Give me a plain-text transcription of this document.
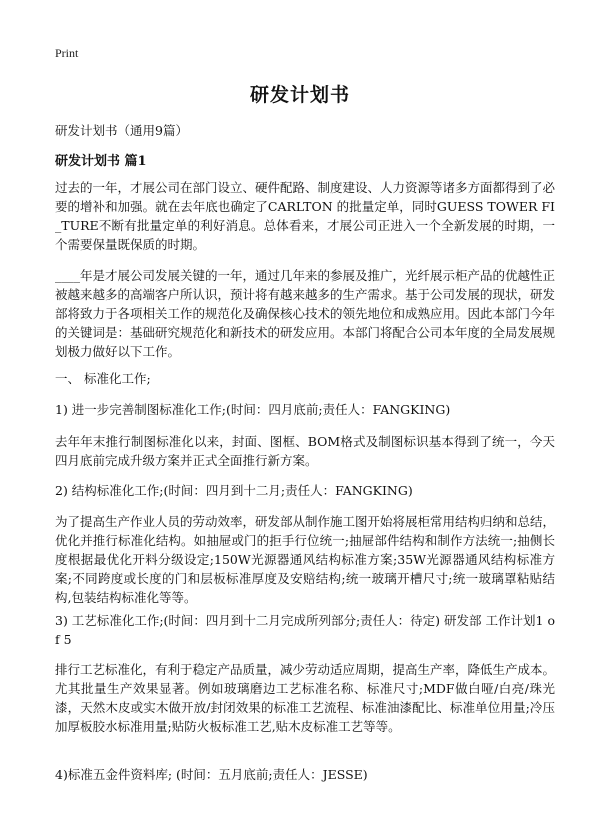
Print
研发计划书

研发计划书（通用9篇）

研发计划书 篇1

过去的一年，才展公司在部门设立、硬件配路、制度建设、人力资源等诸多方面都得到了必要的增补和加强。就在去年底也确定了CARLTON 的批量定单，同时GUESS TOWER FI_TURE不断有批量定单的利好消息。总体看来，才展公司正进入一个全新发展的时期，一个需要保量既保质的时期。

____年是才展公司发展关键的一年，通过几年来的参展及推广，光纤展示柜产品的优越性正被越来越多的高端客户所认识，预计将有越来越多的生产需求。基于公司发展的现状，研发部将致力于各项相关工作的规范化及确保核心技术的领先地位和成熟应用。因此本部门今年的关键词是：基础研究规范化和新技术的研发应用。本部门将配合公司本年度的全局发展规划极力做好以下工作。

一、 标准化工作;

1) 进一步完善制图标准化工作;(时间：四月底前;责任人：FANGKING)

去年年末推行制图标准化以来，封面、图框、BOM格式及制图标识基本得到了统一，今天四月底前完成升级方案并正式全面推行新方案。

2) 结构标准化工作;(时间：四月到十二月;责任人：FANGKING)

为了提高生产作业人员的劳动效率，研发部从制作施工图开始将展柜常用结构归纳和总结，优化并推行标准化结构。如抽屉或门的拒手行位统一;抽屉部件结构和制作方法统一;抽侧长度根据最优化开料分级设定;150W光源器通风结构标准方案;35W光源器通风结构标准方案;不同跨度或长度的门和层板标准厚度及安赔结构;统一玻璃开槽尺寸;统一玻璃罩粘贴结构,包装结构标准化等等。

3) 工艺标准化工作;(时间：四月到十二月完成所列部分;责任人：待定) 研发部 工作计划1 of 5

排行工艺标准化，有利于稳定产品质量，减少劳动适应周期，提高生产率，降低生产成本。尤其批量生产效果显著。例如玻璃磨边工艺标准名称、标准尺寸;MDF做白哑/白亮/珠光漆，天然木皮或实木做开放/封闭效果的标准工艺流程、标准油漆配比、标准单位用量;冷压加厚板胶水标准用量;贴防火板标准工艺,贴木皮标准工艺等等。

4)标准五金件资料库; (时间：五月底前;责任人：JESSE)
